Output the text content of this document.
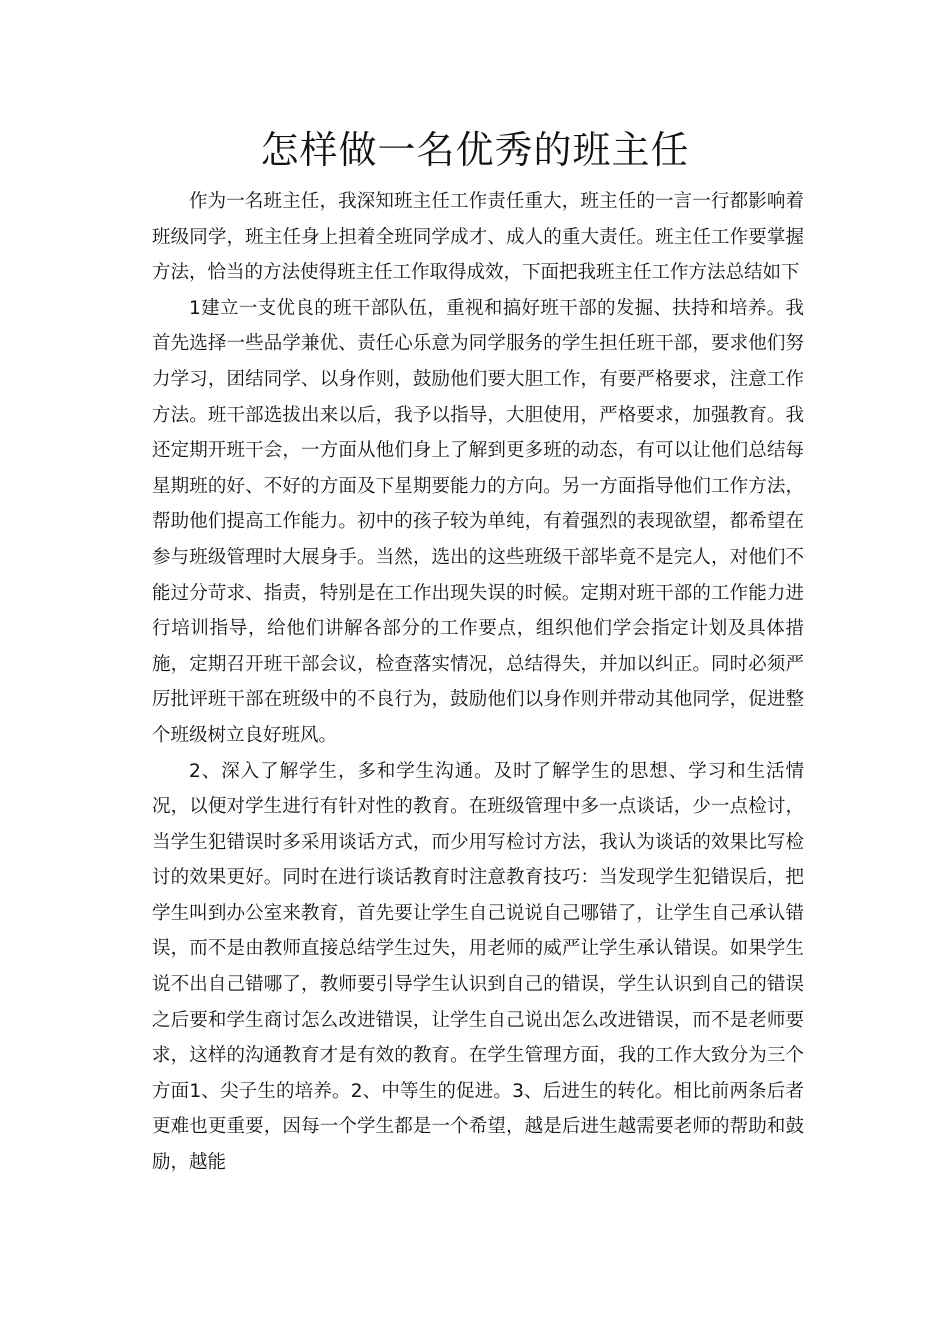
怎样做一名优秀的班主任

作为一名班主任，我深知班主任工作责任重大，班主任的一言一行都影响着班级同学，班主任身上担着全班同学成才、成人的重大责任。班主任工作要掌握方法，恰当的方法使得班主任工作取得成效，下面把我班主任工作方法总结如下

1建立一支优良的班干部队伍，重视和搞好班干部的发掘、扶持和培养。我首先选择一些品学兼优、责任心乐意为同学服务的学生担任班干部，要求他们努力学习，团结同学、以身作则，鼓励他们要大胆工作，有要严格要求，注意工作方法。班干部选拔出来以后，我予以指导，大胆使用，严格要求，加强教育。我还定期开班干会，一方面从他们身上了解到更多班的动态，有可以让他们总结每星期班的好、不好的方面及下星期要能力的方向。另一方面指导他们工作方法，帮助他们提高工作能力。初中的孩子较为单纯，有着强烈的表现欲望，都希望在参与班级管理时大展身手。当然，选出的这些班级干部毕竟不是完人，对他们不能过分苛求、指责，特别是在工作出现失误的时候。定期对班干部的工作能力进行培训指导，给他们讲解各部分的工作要点，组织他们学会指定计划及具体措施，定期召开班干部会议，检查落实情况，总结得失，并加以纠正。同时必须严厉批评班干部在班级中的不良行为，鼓励他们以身作则并带动其他同学，促进整个班级树立良好班风。

2、深入了解学生，多和学生沟通。及时了解学生的思想、学习和生活情况，以便对学生进行有针对性的教育。在班级管理中多一点谈话，少一点检讨，当学生犯错误时多采用谈话方式，而少用写检讨方法，我认为谈话的效果比写检讨的效果更好。同时在进行谈话教育时注意教育技巧：当发现学生犯错误后，把学生叫到办公室来教育，首先要让学生自己说说自己哪错了，让学生自己承认错误，而不是由教师直接总结学生过失，用老师的威严让学生承认错误。如果学生说不出自己错哪了，教师要引导学生认识到自己的错误，学生认识到自己的错误之后要和学生商讨怎么改进错误，让学生自己说出怎么改进错误，而不是老师要求，这样的沟通教育才是有效的教育。在学生管理方面，我的工作大致分为三个方面1、尖子生的培养。2、中等生的促进。3、后进生的转化。相比前两条后者更难也更重要，因每一个学生都是一个希望，越是后进生越需要老师的帮助和鼓励，越能
